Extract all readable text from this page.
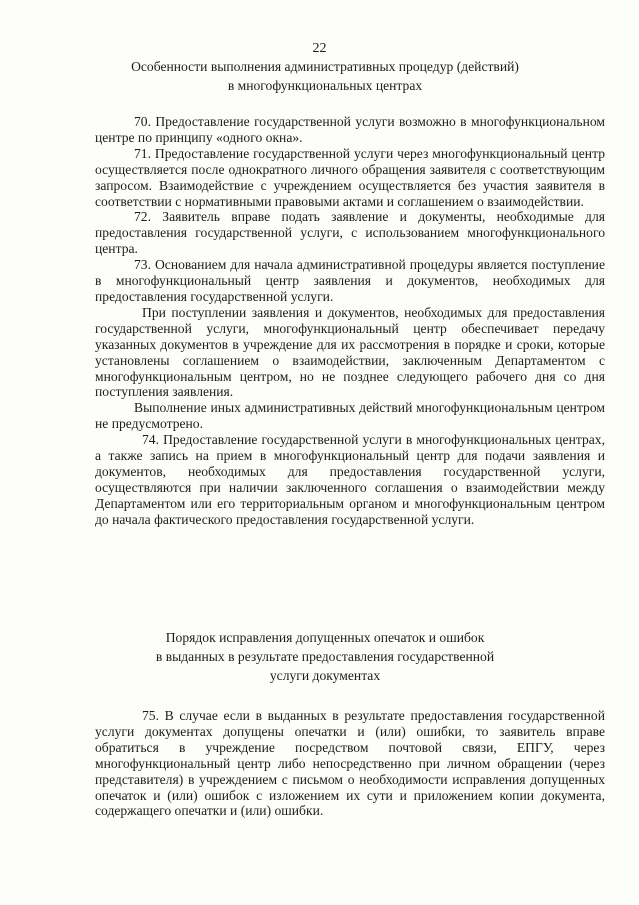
22
Особенности выполнения административных процедур (действий)
в многофункциональных центрах

70. Предоставление государственной услуги возможно в многофункциональном центре по принципу «одного окна».

71. Предоставление государственной услуги через многофункциональный центр осуществляется после однократного личного обращения заявителя с соответствующим запросом. Взаимодействие с учреждением осуществляется без участия заявителя в соответствии с нормативными правовыми актами и соглашением о взаимодействии.

72. Заявитель вправе подать заявление и документы, необходимые для предоставления государственной услуги, с использованием многофункционального центра.

73. Основанием для начала административной процедуры является поступление в многофункциональный центр заявления и документов, необходимых для предоставления государственной услуги.

При поступлении заявления и документов, необходимых для предоставления государственной услуги, многофункциональный центр обеспечивает передачу указанных документов в учреждение для их рассмотрения в порядке и сроки, которые установлены соглашением о взаимодействии, заключенным Департаментом с многофункциональным центром, но не позднее следующего рабочего дня со дня поступления заявления.

Выполнение иных административных действий многофункциональным центром не предусмотрено.

74. Предоставление государственной услуги в многофункциональных центрах, а также запись на прием в многофункциональный центр для подачи заявления и документов, необходимых для предоставления государственной услуги, осуществляются при наличии заключенного соглашения о взаимодействии между Департаментом или его территориальным органом и многофункциональным центром до начала фактического предоставления государственной услуги.

Порядок исправления допущенных опечаток и ошибок
в выданных в результате предоставления государственной
услуги документах

75. В случае если в выданных в результате предоставления государственной услуги документах допущены опечатки и (или) ошибки, то заявитель вправе обратиться в учреждение посредством почтовой связи, ЕПГУ, через многофункциональный центр либо непосредственно при личном обращении (через представителя) в учреждением с письмом о необходимости исправления допущенных опечаток и (или) ошибок с изложением их сути и приложением копии документа, содержащего опечатки и (или) ошибки.
